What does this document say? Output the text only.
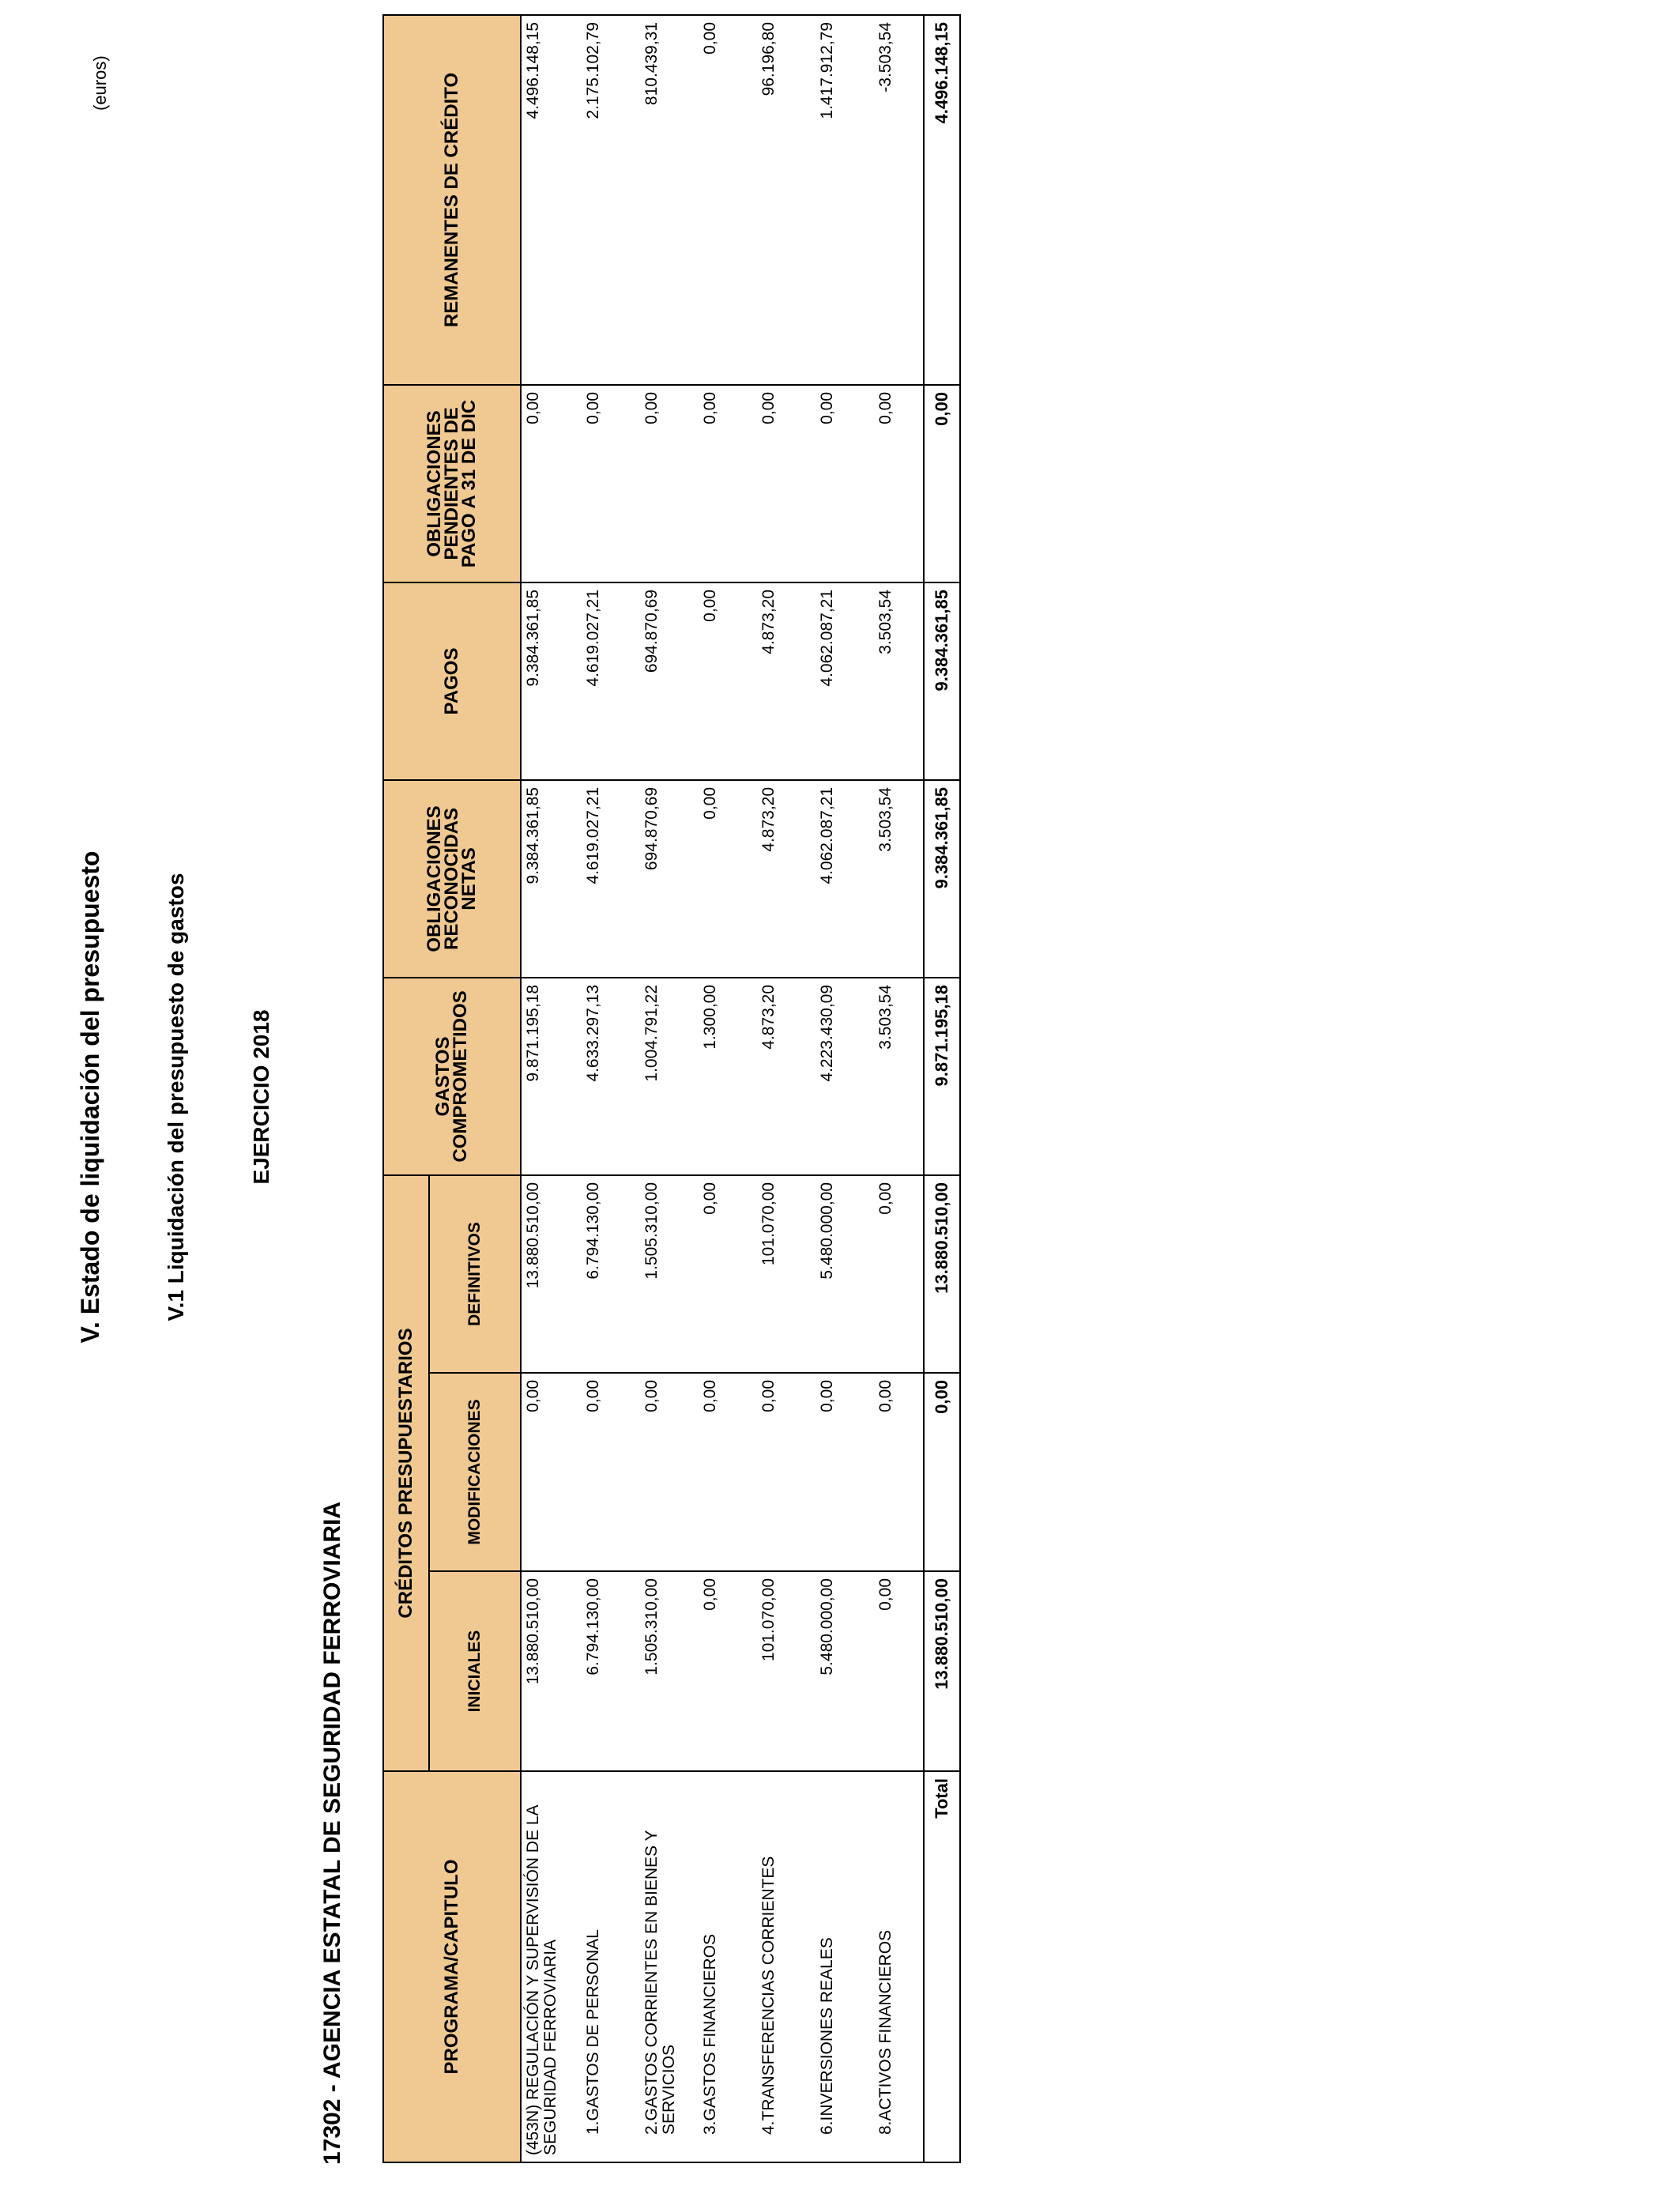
V. Estado de liquidación del presupuesto	V.1 Liquidación del presupuesto de gastos	EJERCICIO 2018
17302 - AGENCIA ESTATAL DE SEGURIDAD FERROVIARIA
(euros)
PROGRAMA/CAPITULO	CRÉDITOS PRESUPUESTARIOS			GASTOS COMPROMETIDOS	OBLIGACIONES RECONOCIDAS NETAS	PAGOS	OBLIGACIONES PENDIENTES DE PAGO A 31 DE DIC	REMANENTES DE CRÉDITO
	INICIALES	MODIFICACIONES	DEFINITIVOS					
(453N) REGULACIÓN Y SUPERVISIÓN DE LA SEGURIDAD FERROVIARIA	13.880.510,00	0,00	13.880.510,00	9.871.195,18	9.384.361,85	9.384.361,85	0,00	4.496.148,15
1.GASTOS DE PERSONAL	6.794.130,00	0,00	6.794.130,00	4.633.297,13	4.619.027,21	4.619.027,21	0,00	2.175.102,79
2.GASTOS CORRIENTES EN BIENES Y SERVICIOS	1.505.310,00	0,00	1.505.310,00	1.004.791,22	694.870,69	694.870,69	0,00	810.439,31
3.GASTOS FINANCIEROS	0,00	0,00	0,00	1.300,00	0,00	0,00	0,00	0,00
4.TRANSFERENCIAS CORRIENTES	101.070,00	0,00	101.070,00	4.873,20	4.873,20	4.873,20	0,00	96.196,80
6.INVERSIONES REALES	5.480.000,00	0,00	5.480.000,00	4.223.430,09	4.062.087,21	4.062.087,21	0,00	1.417.912,79
8.ACTIVOS FINANCIEROS	0,00	0,00	0,00	3.503,54	3.503,54	3.503,54	0,00	-3.503,54
Total	13.880.510,00	0,00	13.880.510,00	9.871.195,18	9.384.361,85	9.384.361,85	0,00	4.496.148,15
